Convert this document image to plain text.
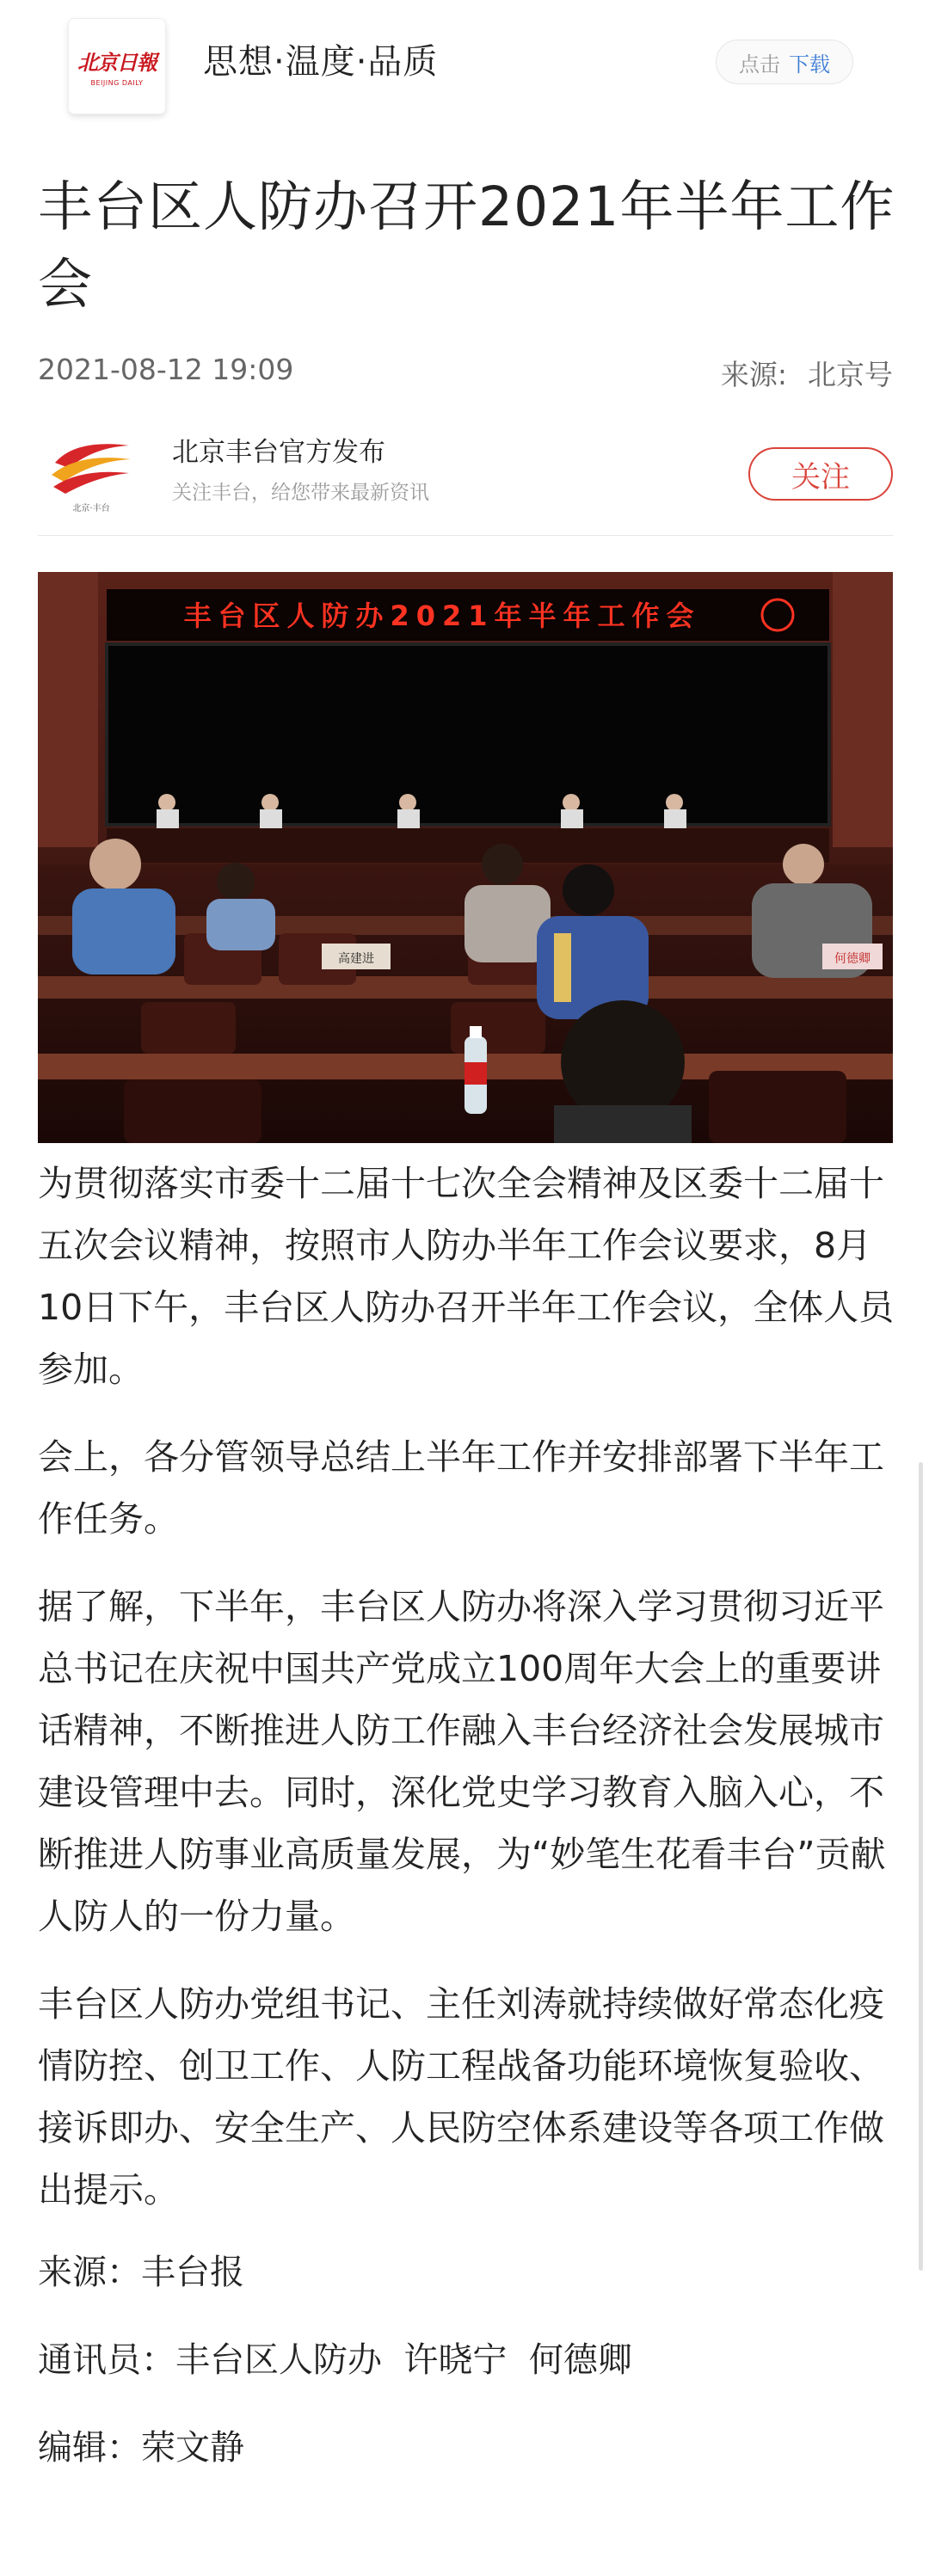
北京日報
BEIJING DAILY
思想·温度·品质	点击 下载
丰台区人防办召开2021年半年工作会
2021-08-12 19:09	来源: 北京号
北京·丰台
北京丰台官方发布
关注丰台，给您带来最新资讯	关注
丰台区人防办2021年半年工作会
高建进	何德卿

为贯彻落实市委十二届十七次全会精神及区委十二届十五次会议精神，按照市人防办半年工作会议要求，8月10日下午，丰台区人防办召开半年工作会议，全体人员参加。

会上，各分管领导总结上半年工作并安排部署下半年工作任务。

据了解，下半年，丰台区人防办将深入学习贯彻习近平总书记在庆祝中国共产党成立100周年大会上的重要讲话精神，不断推进人防工作融入丰台经济社会发展城市建设管理中去。同时，深化党史学习教育入脑入心，不断推进人防事业高质量发展，为“妙笔生花看丰台”贡献人防人的一份力量。

丰台区人防办党组书记、主任刘涛就持续做好常态化疫情防控、创卫工作、人防工程战备功能环境恢复验收、接诉即办、安全生产、人民防空体系建设等各项工作做出提示。

来源：丰台报

通讯员：丰台区人防办  许晓宁  何德卿

编辑：荣文静
